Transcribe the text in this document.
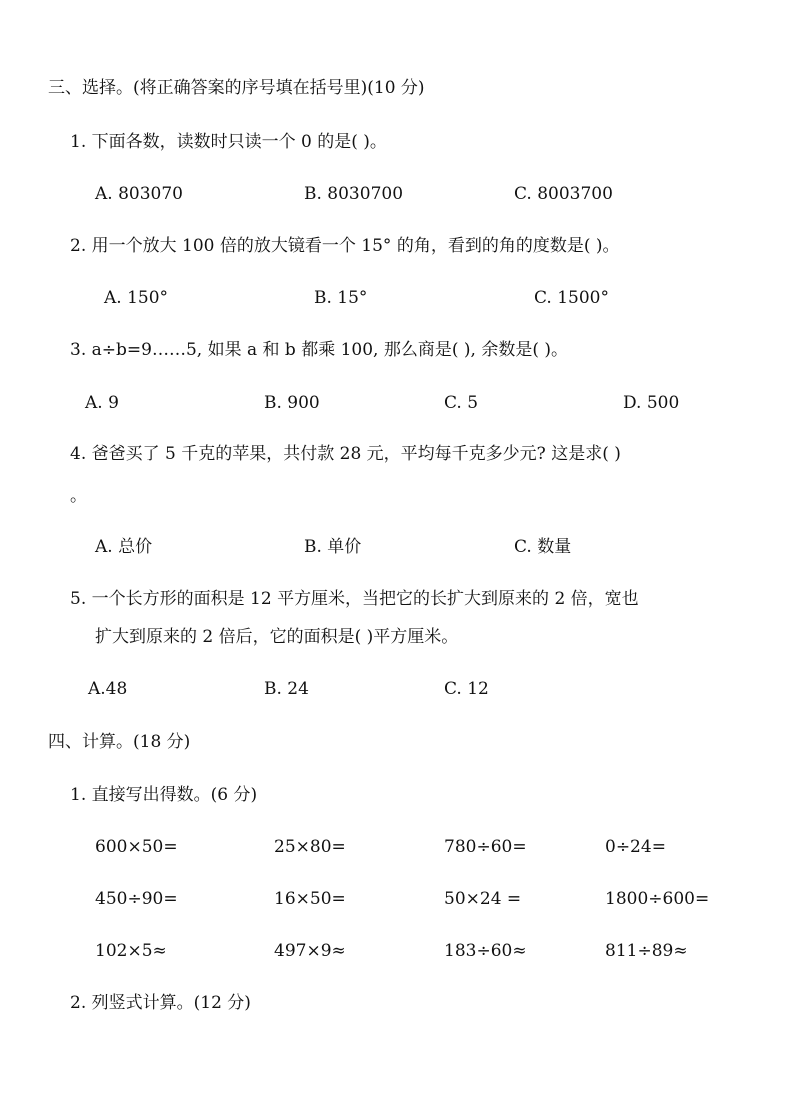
三、选择。(将正确答案的序号填在括号里)(10 分)
1. 下面各数，读数时只读一个 0 的是( )。
A. 803070	B. 8030700	C. 8003700
2. 用一个放大 100 倍的放大镜看一个 15° 的角，看到的角的度数是( )。
A. 150°	B. 15°	C. 1500°
3. a÷b=9……5, 如果 a 和 b 都乘 100, 那么商是( ), 余数是( )。
A. 9	B. 900	C. 5	D. 500
4. 爸爸买了 5 千克的苹果，共付款 28 元，平均每千克多少元? 这是求( )
。
A. 总价	B. 单价	C. 数量
5. 一个长方形的面积是 12 平方厘米，当把它的长扩大到原来的 2 倍，宽也
扩大到原来的 2 倍后，它的面积是( )平方厘米。
A.48	B. 24	C. 12
四、计算。(18 分)
1. 直接写出得数。(6 分)
600×50=	25×80=	780÷60=	0÷24=
450÷90=	16×50=	50×24 =	1800÷600=
102×5≈	497×9≈	183÷60≈	811÷89≈
2. 列竖式计算。(12 分)
